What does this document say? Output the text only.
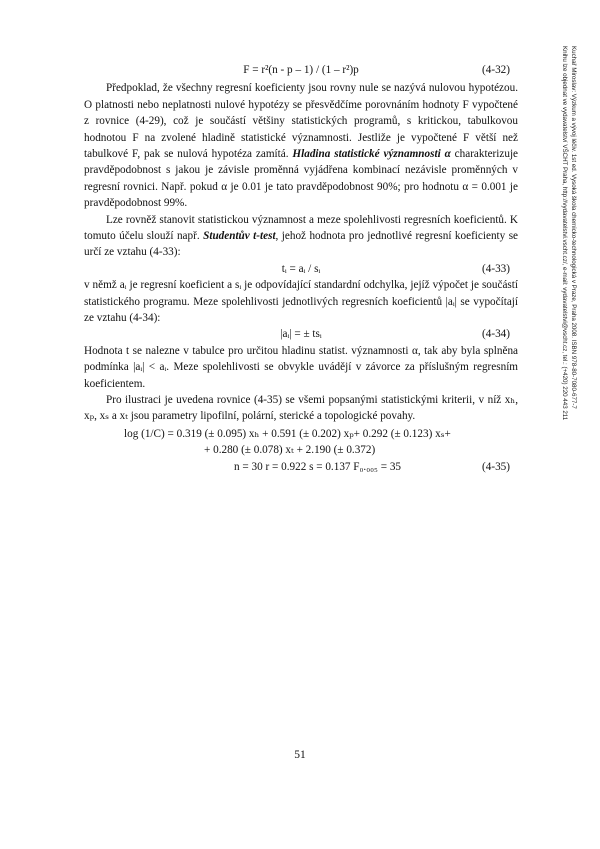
F = r²(n - p – 1) / (1 – r²)p	(4-32)

Předpoklad, že všechny regresní koeficienty jsou rovny nule se nazývá nulovou hypotézou. O platnosti nebo neplatnosti nulové hypotézy se přesvědčíme porovnáním hodnoty F vypočtené z rovnice (4-29), což je součástí většiny statistických programů, s kritickou, tabulkovou hodnotou F na zvolené hladině statistické významnosti. Jestliže je vypočtené F větší než tabulkové F, pak se nulová hypotéza zamítá. Hladina statistické významnosti α charakterizuje pravděpodobnost s jakou je závisle proměnná vyjádřena kombinací nezávisle proměnných v regresní rovnici. Např. pokud α je 0.01 je tato pravděpodobnost 90%; pro hodnotu α = 0.001 je pravděpodobnost 99%.

Lze rovněž stanovit statistickou významnost a meze spolehlivosti regresních koeficientů. K tomuto účelu slouží např. Studentův t-test, jehož hodnota pro jednotlivé regresní koeficienty se určí ze vztahu (4-33):

tᵢ = aᵢ / sᵢ	(4-33)

v němž aᵢ je regresní koeficient a sᵢ je odpovídající standardní odchylka, jejíž výpočet je součástí statistického programu. Meze spolehlivosti jednotlivých regresních koeficientů |aᵢ| se vypočítají ze vztahu (4-34):

|aᵢ| = ± tsᵢ	(4-34)

Hodnota t se nalezne v tabulce pro určitou hladinu statist. významnosti α, tak aby byla splněna podmínka |aᵢ| < aᵢ. Meze spolehlivosti se obvykle uvádějí v závorce za příslušným regresním koeficientem.

Pro ilustraci je uvedena rovnice (4-35) se všemi popsanými statistickými kriterii, v níž xₕ, xₚ, xₛ a xₜ jsou parametry lipofilní, polární, sterické a topologické povahy.

log (1/C) = 0.319 (± 0.095) xₕ + 0.591 (± 0.202) xₚ+ 0.292 (± 0.123) xₛ+
+ 0.280 (± 0.078) xₜ + 2.190 (± 0.372)
n = 30 r = 0.922 s = 0.137 F₀.₀₀₅ = 35	(4-35)
51
Kuchař Miroslav: Výzkum a vývoj léčiv. 1st ed. Vysoká škola chemicko-technologická v Praze, Praha 2008. ISBN 978-80-7080-677-7
Knihu lze objednat ve vydavatelství VŠCHT Praha, http://vydavatelstvi.vscht.cz/, e-mail: vydavatelstvi@vscht.cz, tel.: (+420) 220 443 211
